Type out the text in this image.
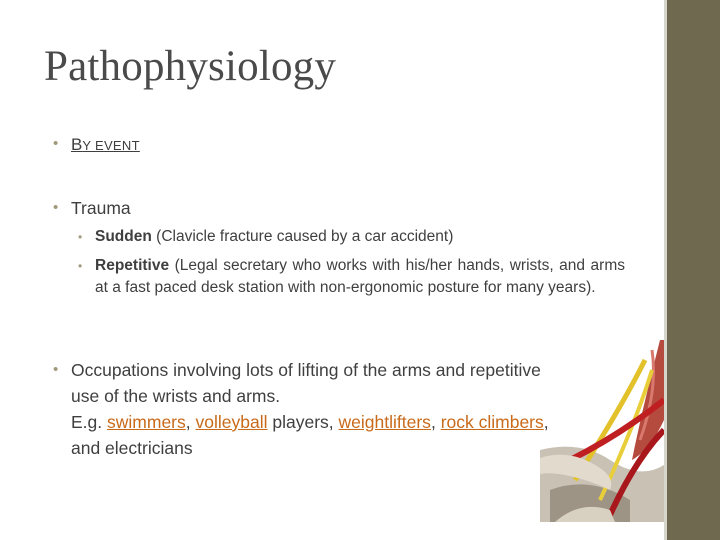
Pathophysiology
• BY EVENT
• Trauma
• Sudden (Clavicle fracture caused by a car accident)
• Repetitive (Legal secretary who works with his/her hands, wrists, and arms at a fast paced desk station with non-ergonomic posture for many years).
• Occupations involving lots of lifting of the arms and repetitive
use of the wrists and arms.
E.g. swimmers, volleyball players, weightlifters, rock climbers,
and electricians
